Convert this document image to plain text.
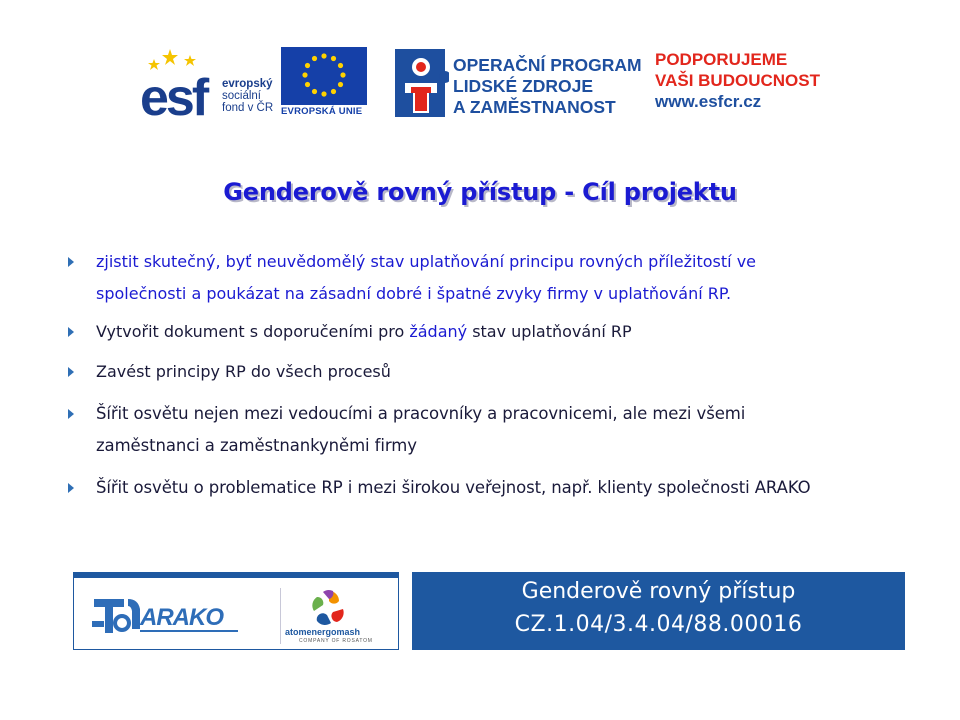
esf	evropský
sociální
fond v ČR EVROPSKÁ UNIE
OPERAČNÍ PROGRAM
LIDSKÉ ZDROJE
A ZAMĚSTNANOST
PODPORUJEME
VAŠI BUDOUCNOST
www.esfcr.cz
Genderově rovný přístup - Cíl projektu
zjistit skutečný, byť neuvědomělý stav uplatňování principu rovných příležitostí ve
společnosti a poukázat na zásadní dobré i špatné zvyky firmy v uplatňování RP.
Vytvořit dokument s doporučeními pro žádaný stav uplatňování RP
Zavést principy RP do všech procesů
Šířit osvětu nejen mezi vedoucími a pracovníky a pracovnicemi, ale mezi všemi
zaměstnanci a zaměstnankyněmi firmy
Šířit osvětu o problematice RP i mezi širokou veřejnost, např. klienty společnosti ARAKO
ARAKO
atomenergomash
COMPANY OF ROSATOM
Genderově rovný přístup
CZ.1.04/3.4.04/88.00016
